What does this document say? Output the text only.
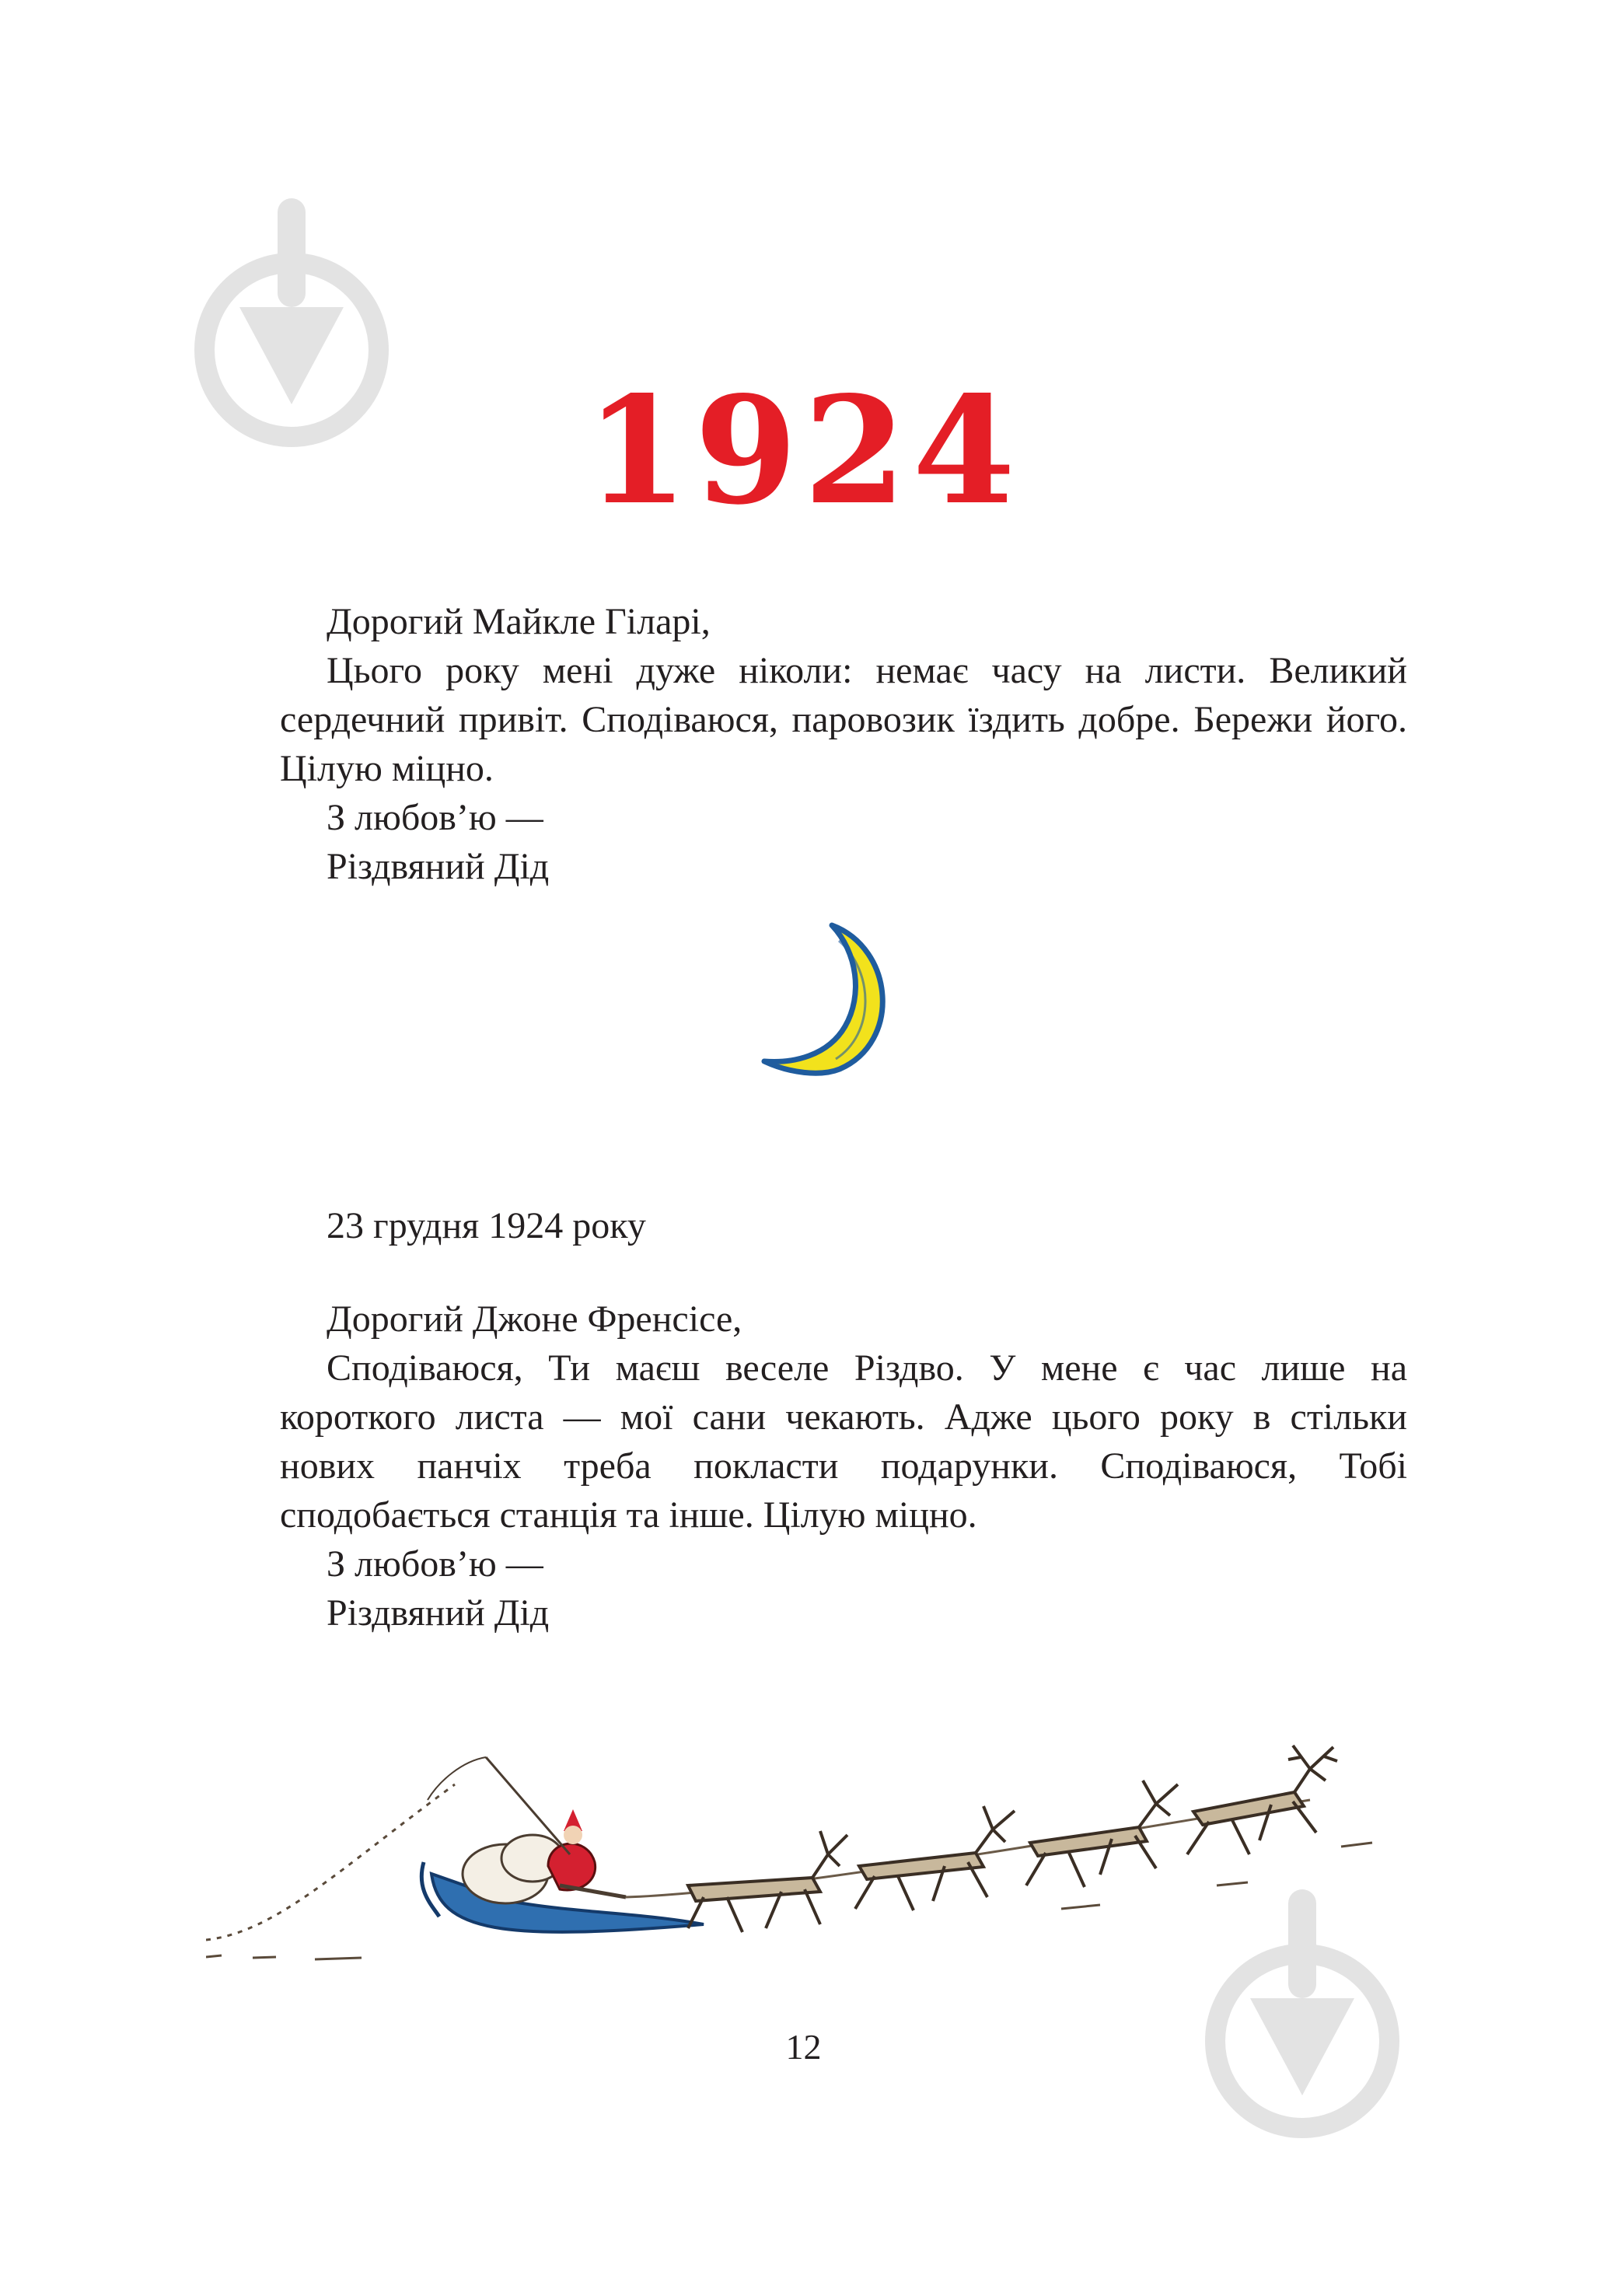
1924

Дорогий Майкле Гіларі,

Цього року мені дуже ніколи: немає часу на листи. Великий сердечний привіт. Сподіваюся, паровозик їздить добре. Бережи його. Цілую міцно.

З любов’ю —

Різдвяний Дід

23 грудня 1924 року

Дорогий Джоне Френсісе,

Сподіваюся, Ти маєш веселе Різдво. У мене є час лише на короткого листа — мої сани чекають. Адже цього року в стільки нових панчіх треба покласти подарунки. Сподіваюся, Тобі сподобається станція та інше. Цілую міцно.

З любов’ю —

Різдвяний Дід

12
